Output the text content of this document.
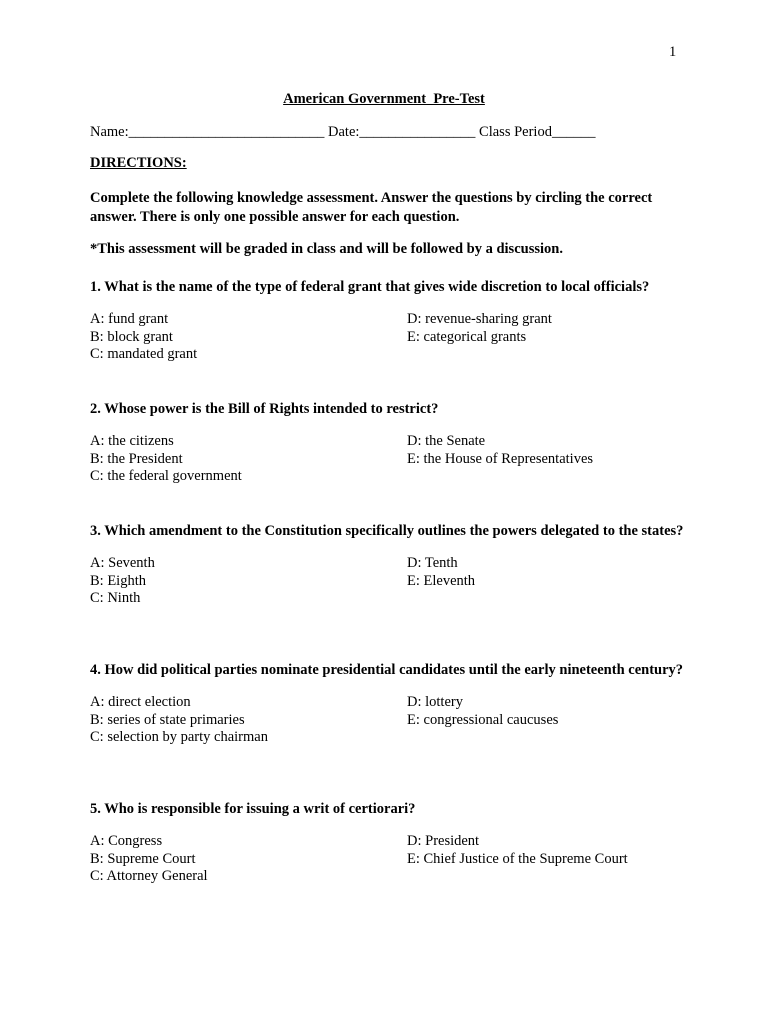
1
American Government  Pre-Test
Name:___________________________ Date:________________ Class Period______
DIRECTIONS:
Complete the following knowledge assessment. Answer the questions by circling the correct answer. There is only one possible answer for each question.
*This assessment will be graded in class and will be followed by a discussion.

1. What is the name of the type of federal grant that gives wide discretion to local officials?

A: fund grant
B: block grant
C: mandated grant
D: revenue-sharing grant
E: categorical grants

2. Whose power is the Bill of Rights intended to restrict?

A: the citizens
B: the President
C: the federal government
D: the Senate
E: the House of Representatives

3. Which amendment to the Constitution specifically outlines the powers delegated to the states?

A: Seventh
B: Eighth
C: Ninth
D: Tenth
E: Eleventh

4. How did political parties nominate presidential candidates until the early nineteenth century?

A: direct election
B: series of state primaries
C: selection by party chairman
D: lottery
E: congressional caucuses

5. Who is responsible for issuing a writ of certiorari?

A: Congress
B: Supreme Court
C: Attorney General
D: President
E: Chief Justice of the Supreme Court
